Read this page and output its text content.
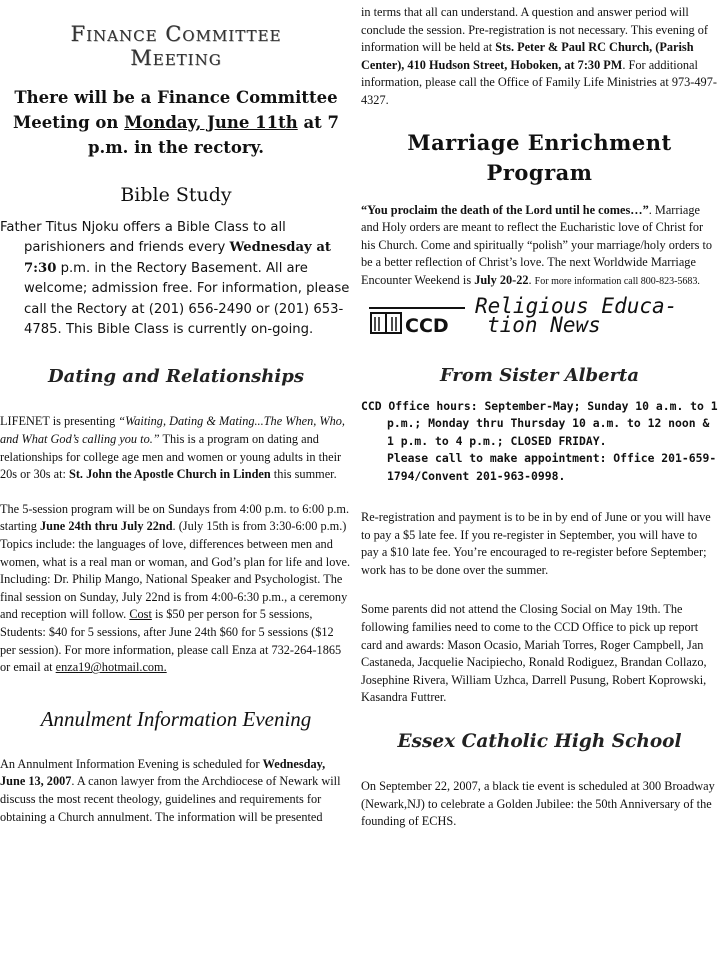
Finance Committee
Meeting

There will be a Finance Committee Meeting on Monday, June 11th at 7 p.m. in the rectory.

Bible Study

Father Titus Njoku offers a Bible Class to all parishioners and friends every Wednesday at 7:30 p.m. in the Rectory Basement. All are welcome; admission free. For information, please call the Rectory at (201) 656-2490 or (201) 653-4785. This Bible Class is currently on-going.

Dating and Relationships

LIFENET is presenting “Waiting, Dating & Mating...The When, Who, and What God’s calling you to.” This is a program on dating and relationships for college age men and women or young adults in their 20s or 30s at: St. John the Apostle Church in Linden this summer.

The 5-session program will be on Sundays from 4:00 p.m. to 6:00 p.m. starting June 24th thru July 22nd. (July 15th is from 3:30-6:00 p.m.) Topics include: the languages of love, differences between men and women, what is a real man or woman, and God’s plan for life and love. Including: Dr. Philip Mango, National Speaker and Psychologist. The final session on Sunday, July 22nd is from 4:00-6:30 p.m., a ceremony and reception will follow. Cost is $50 per person for 5 sessions, Students: $40 for 5 sessions, after June 24th $60 for 5 sessions ($12 per session). For more information, please call Enza at 732-264-1865 or email at enza19@hotmail.com.

Annulment Information Evening

An Annulment Information Evening is scheduled for Wednesday, June 13, 2007. A canon lawyer from the Archdiocese of Newark will discuss the most recent theology, guidelines and requirements for obtaining a Church annulment. The information will be presented

in terms that all can understand. A question and answer period will conclude the session. Pre-registration is not necessary. This evening of information will be held at Sts. Peter & Paul RC Church, (Parish Center), 410 Hudson Street, Hoboken, at 7:30 PM. For additional information, please call the Office of Family Life Ministries at 973-497-4327.

Marriage Enrichment Program

“You proclaim the death of the Lord until he comes…”. Marriage and Holy orders are meant to reflect the Eucharistic love of Christ for his Church. Come and spiritually “polish” your marriage/holy orders to be a better reflection of Christ’s love. The next Worldwide Marriage Encounter Weekend is July 20-22. For more information call 800-823-5683.

CCD
Religious Educa-
tion News
From Sister Alberta
CCD Office hours: September-May; Sunday 10 a.m. to 1 p.m.; Monday thru Thursday 10 a.m. to 12 noon & 1 p.m. to 4 p.m.; CLOSED FRIDAY.
Please call to make appointment: Office 201-659-1794/Convent 201-963-0998.

Re-registration and payment is to be in by end of June or you will have to pay a $5 late fee. If you re-register in September, you will have to pay a $10 late fee. You’re encouraged to re-register before September; work has to be done over the summer.

Some parents did not attend the Closing Social on May 19th. The following families need to come to the CCD Office to pick up report card and awards: Mason Ocasio, Mariah Torres, Roger Campbell, Jan Castaneda, Jacquelie Nacipiecho, Ronald Rodiguez, Brandan Collazo, Josephine Rivera, William Uzhca, Darrell Pusung, Robert Koprowski, Kasandra Futtrer.

Essex Catholic High School

On September 22, 2007, a black tie event is scheduled at 300 Broadway (Newark,NJ) to celebrate a Golden Jubilee: the 50th Anniversary of the founding of ECHS.
